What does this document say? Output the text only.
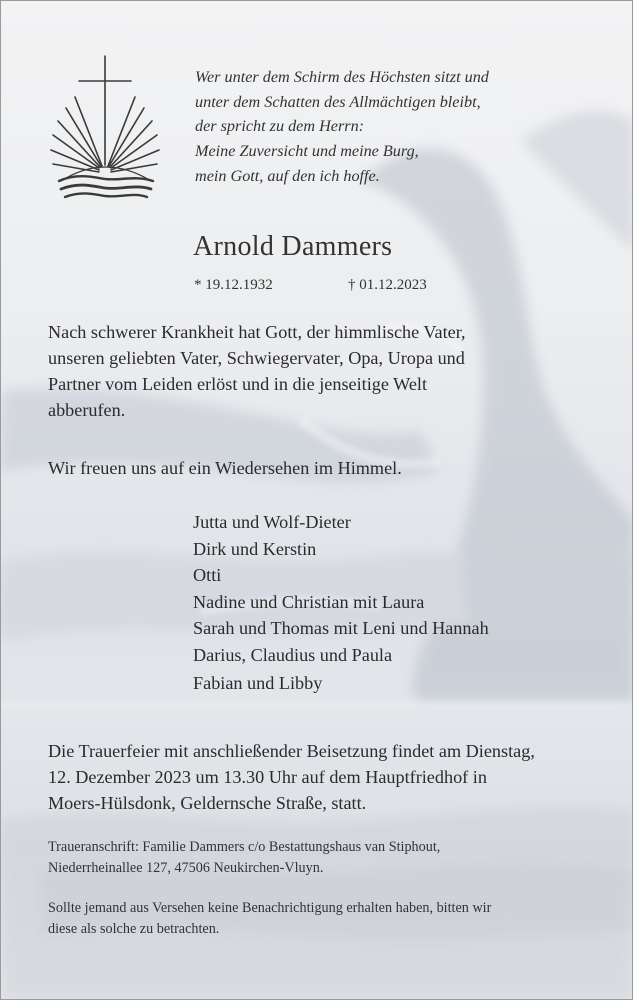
Wer unter dem Schirm des Höchsten sitzt und
unter dem Schatten des Allmächtigen bleibt,
der spricht zu dem Herrn:
Meine Zuversicht und meine Burg,
mein Gott, auf den ich hoffe.
Arnold Dammers
* 19.12.1932	† 01.12.2023
Nach schwerer Krankheit hat Gott, der himmlische Vater,
unseren geliebten Vater, Schwiegervater, Opa, Uropa und
Partner vom Leiden erlöst und in die jenseitige Welt
abberufen.
Wir freuen uns auf ein Wiedersehen im Himmel.
Jutta und Wolf-Dieter
Dirk und Kerstin
Otti
Nadine und Christian mit Laura
Sarah und Thomas mit Leni und Hannah
Darius, Claudius und Paula
Fabian und Libby
Die Trauerfeier mit anschließender Beisetzung findet am Dienstag,
12. Dezember 2023 um 13.30 Uhr auf dem Hauptfriedhof in
Moers-Hülsdonk, Geldernsche Straße, statt.
Traueranschrift: Familie Dammers c/o Bestattungshaus van Stiphout,
Niederrheinallee 127, 47506 Neukirchen-Vluyn.
Sollte jemand aus Versehen keine Benachrichtigung erhalten haben, bitten wir
diese als solche zu betrachten.
